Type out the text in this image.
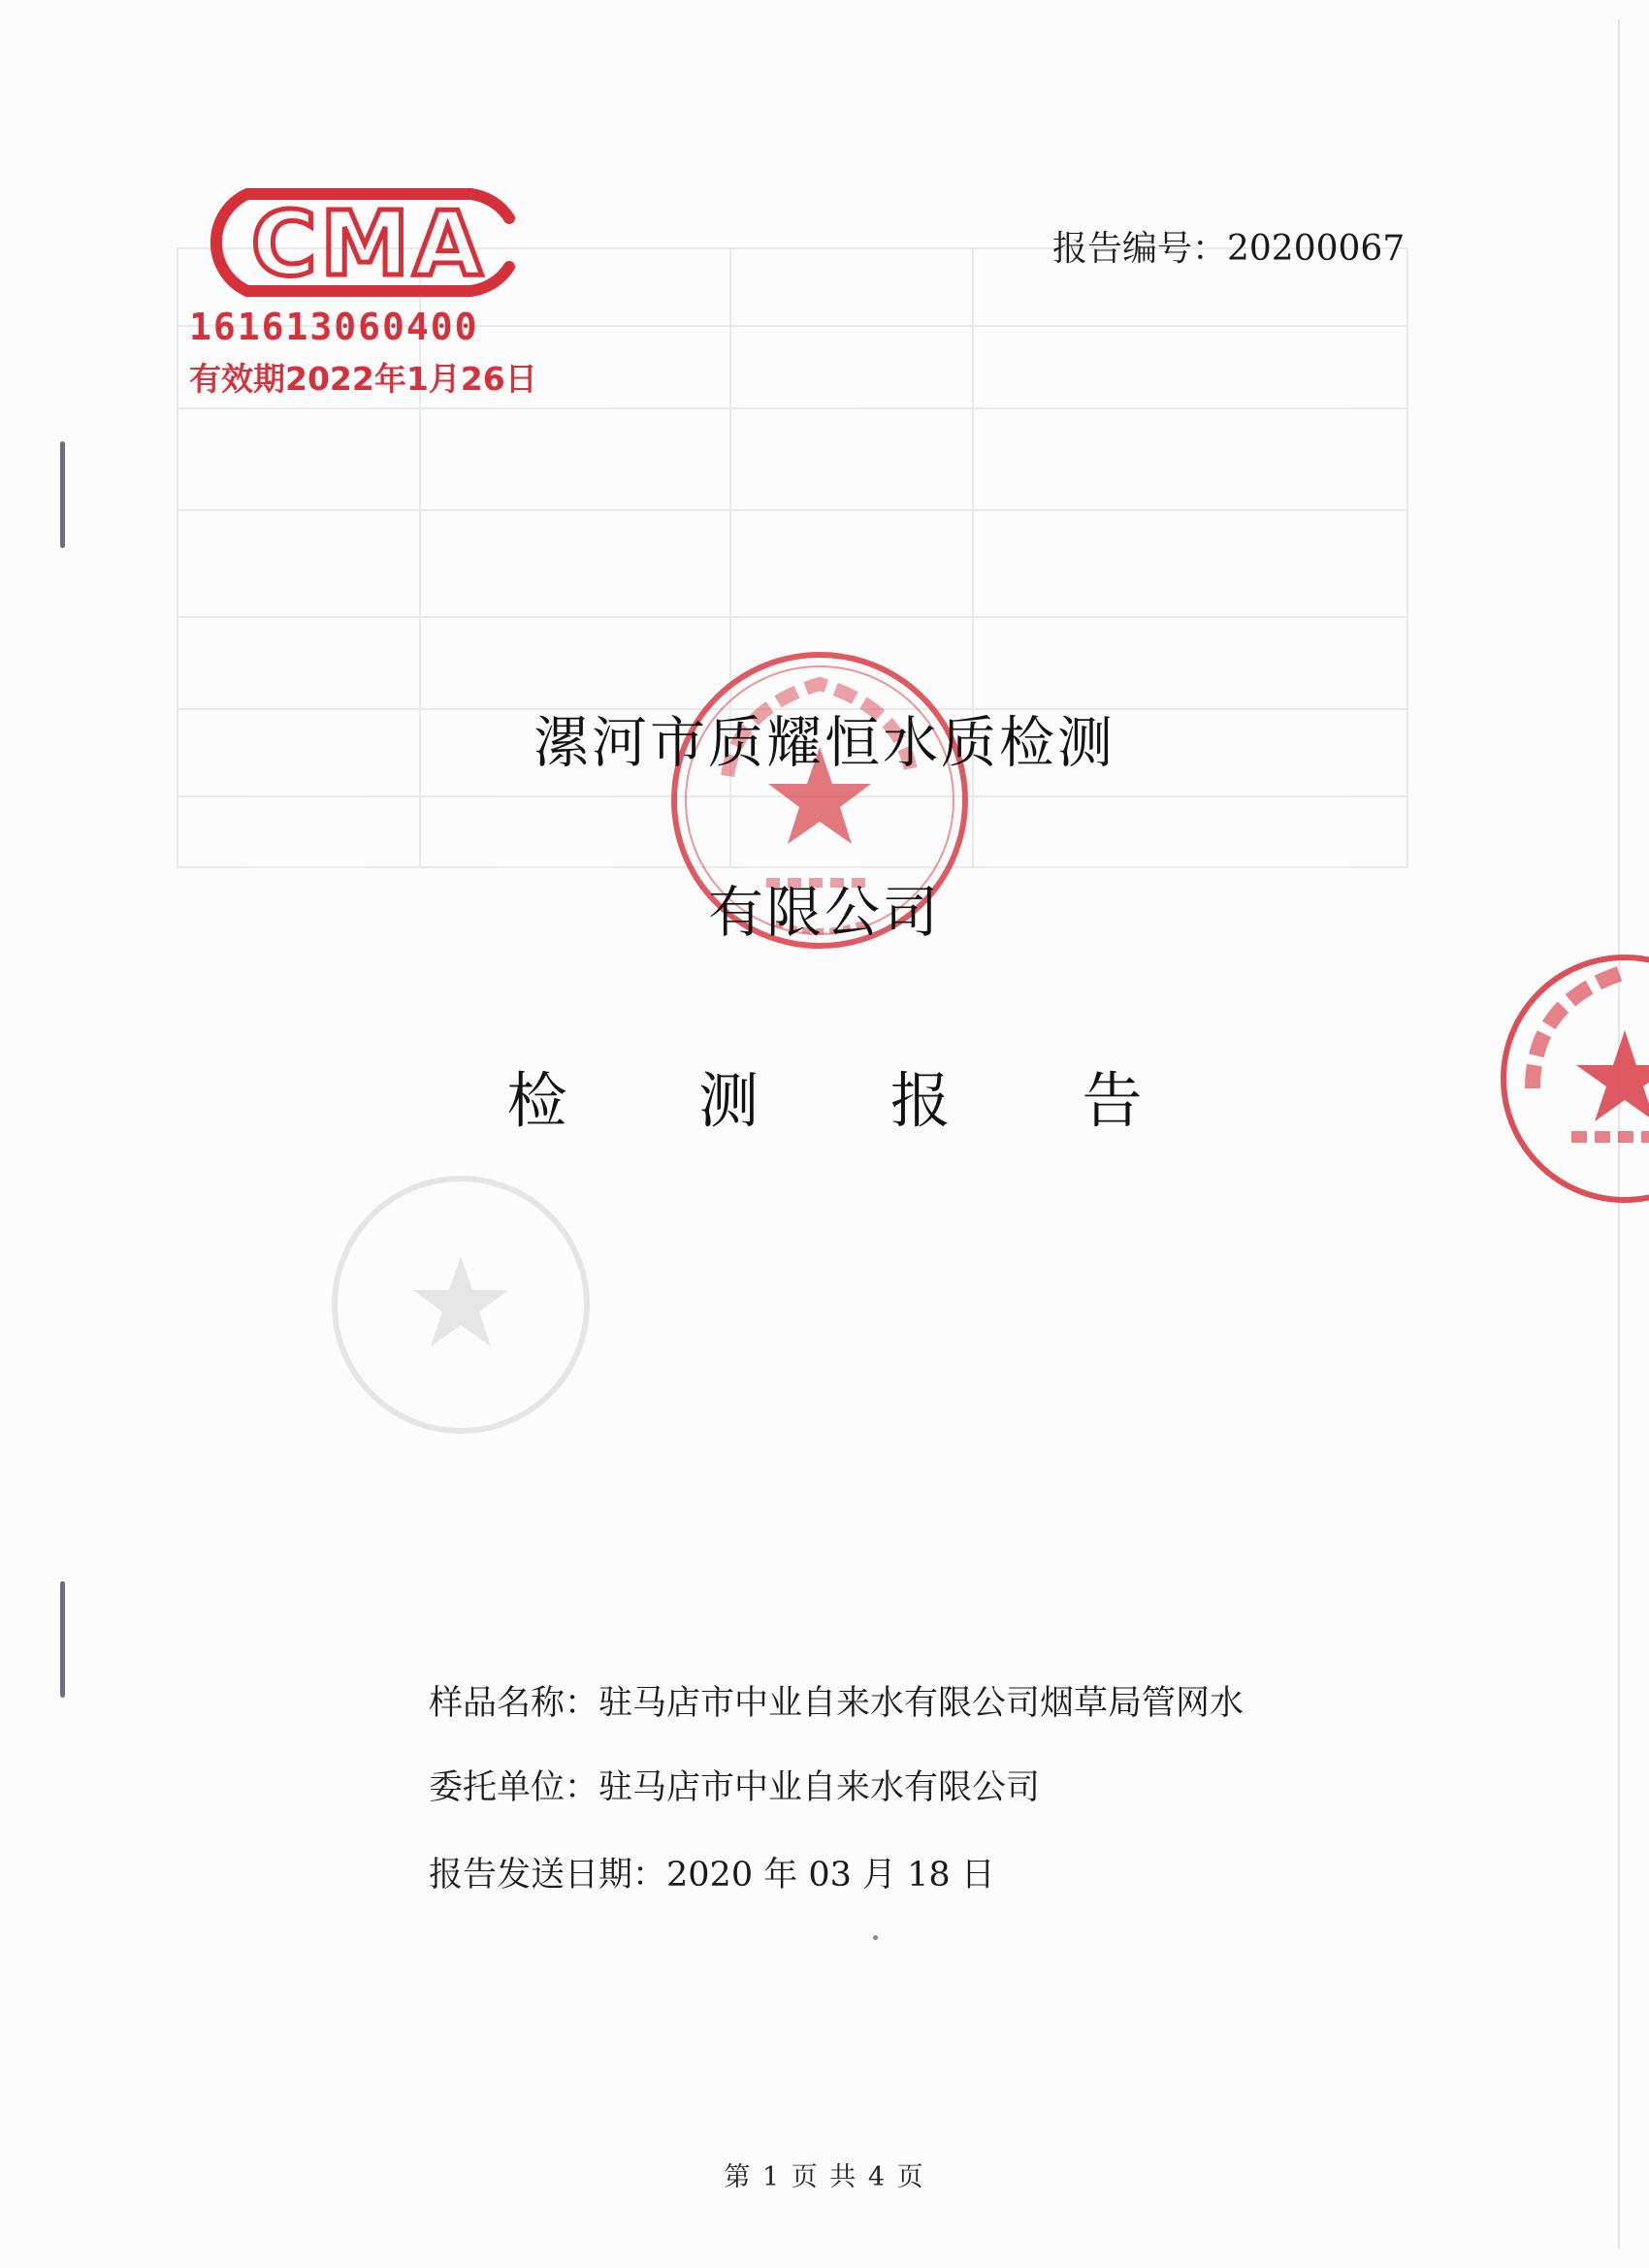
CMA
161613060400
有效期2022年1月26日
报告编号：20200067
漯河市质耀恒水质检测
有限公司
检 测 报 告
样品名称：驻马店市中业自来水有限公司烟草局管网水
委托单位：驻马店市中业自来水有限公司
报告发送日期：2020 年 03 月 18 日
第 1 页 共 4 页
